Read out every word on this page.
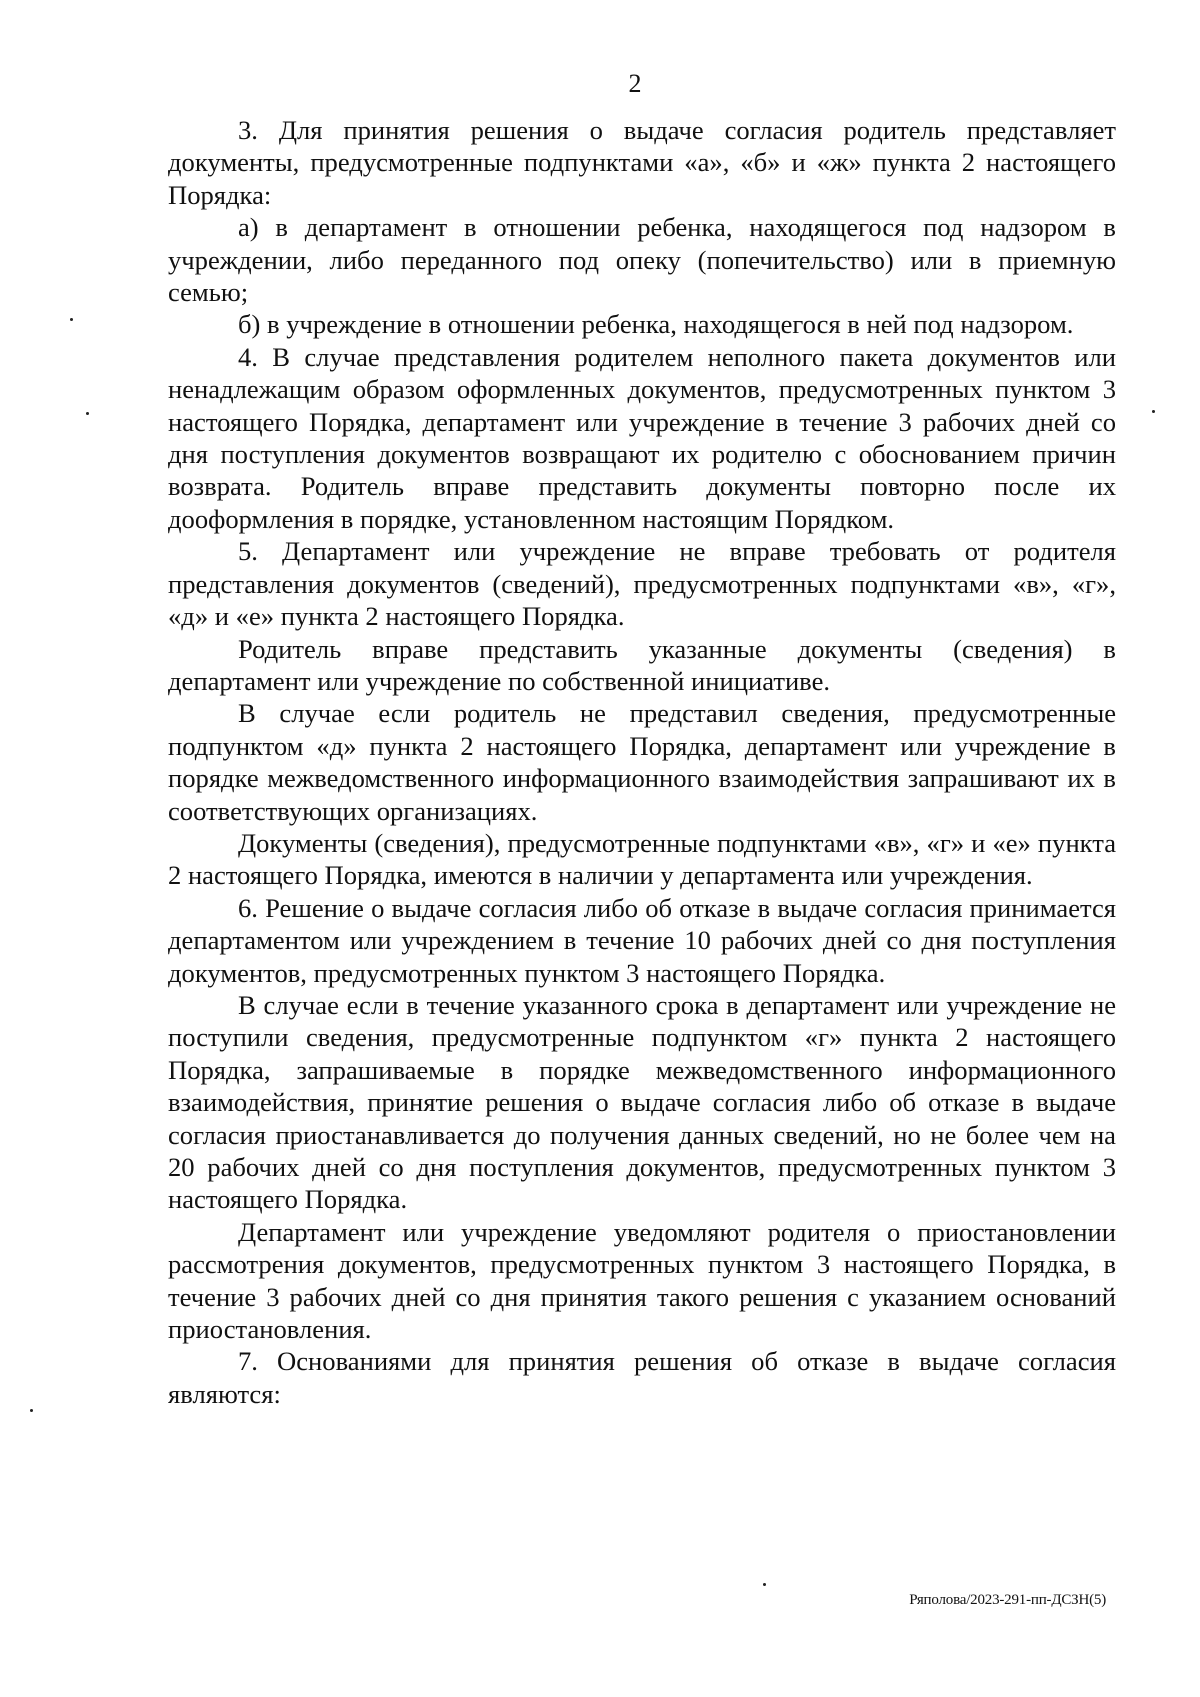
2

3. Для принятия решения о выдаче согласия родитель представляет документы, предусмотренные подпунктами «а», «б» и «ж» пункта 2 настоящего Порядка:

а) в департамент в отношении ребенка, находящегося под надзором в учреждении, либо переданного под опеку (попечительство) или в приемную семью;

б) в учреждение в отношении ребенка, находящегося в ней под надзором.

4. В случае представления родителем неполного пакета документов или ненадлежащим образом оформленных документов, предусмотренных пунктом 3 настоящего Порядка, департамент или учреждение в течение 3 рабочих дней со дня поступления документов возвращают их родителю с обоснованием причин возврата. Родитель вправе представить документы повторно после их дооформления в порядке, установленном настоящим Порядком.

5. Департамент или учреждение не вправе требовать от родителя представления документов (сведений), предусмотренных подпунктами «в», «г», «д» и «е» пункта 2 настоящего Порядка.

Родитель вправе представить указанные документы (сведения) в департамент или учреждение по собственной инициативе.

В случае если родитель не представил сведения, предусмотренные подпунктом «д» пункта 2 настоящего Порядка, департамент или учреждение в порядке межведомственного информационного взаимодействия запрашивают их в соответствующих организациях.

Документы (сведения), предусмотренные подпунктами «в», «г» и «е» пункта 2 настоящего Порядка, имеются в наличии у департамента или учреждения.

6. Решение о выдаче согласия либо об отказе в выдаче согласия принимается департаментом или учреждением в течение 10 рабочих дней со дня поступления документов, предусмотренных пунктом 3 настоящего Порядка.

В случае если в течение указанного срока в департамент или учреждение не поступили сведения, предусмотренные подпунктом «г» пункта 2 настоящего Порядка, запрашиваемые в порядке межведомственного информационного взаимодействия, принятие решения о выдаче согласия либо об отказе в выдаче согласия приостанавливается до получения данных сведений, но не более чем на 20 рабочих дней со дня поступления документов, предусмотренных пунктом 3 настоящего Порядка.

Департамент или учреждение уведомляют родителя о приостановлении рассмотрения документов, предусмотренных пунктом 3 настоящего Порядка, в течение 3 рабочих дней со дня принятия такого решения с указанием оснований приостановления.

7. Основаниями для принятия решения об отказе в выдаче согласия являются:

Ряполова/2023-291-пп-ДСЗН(5)
